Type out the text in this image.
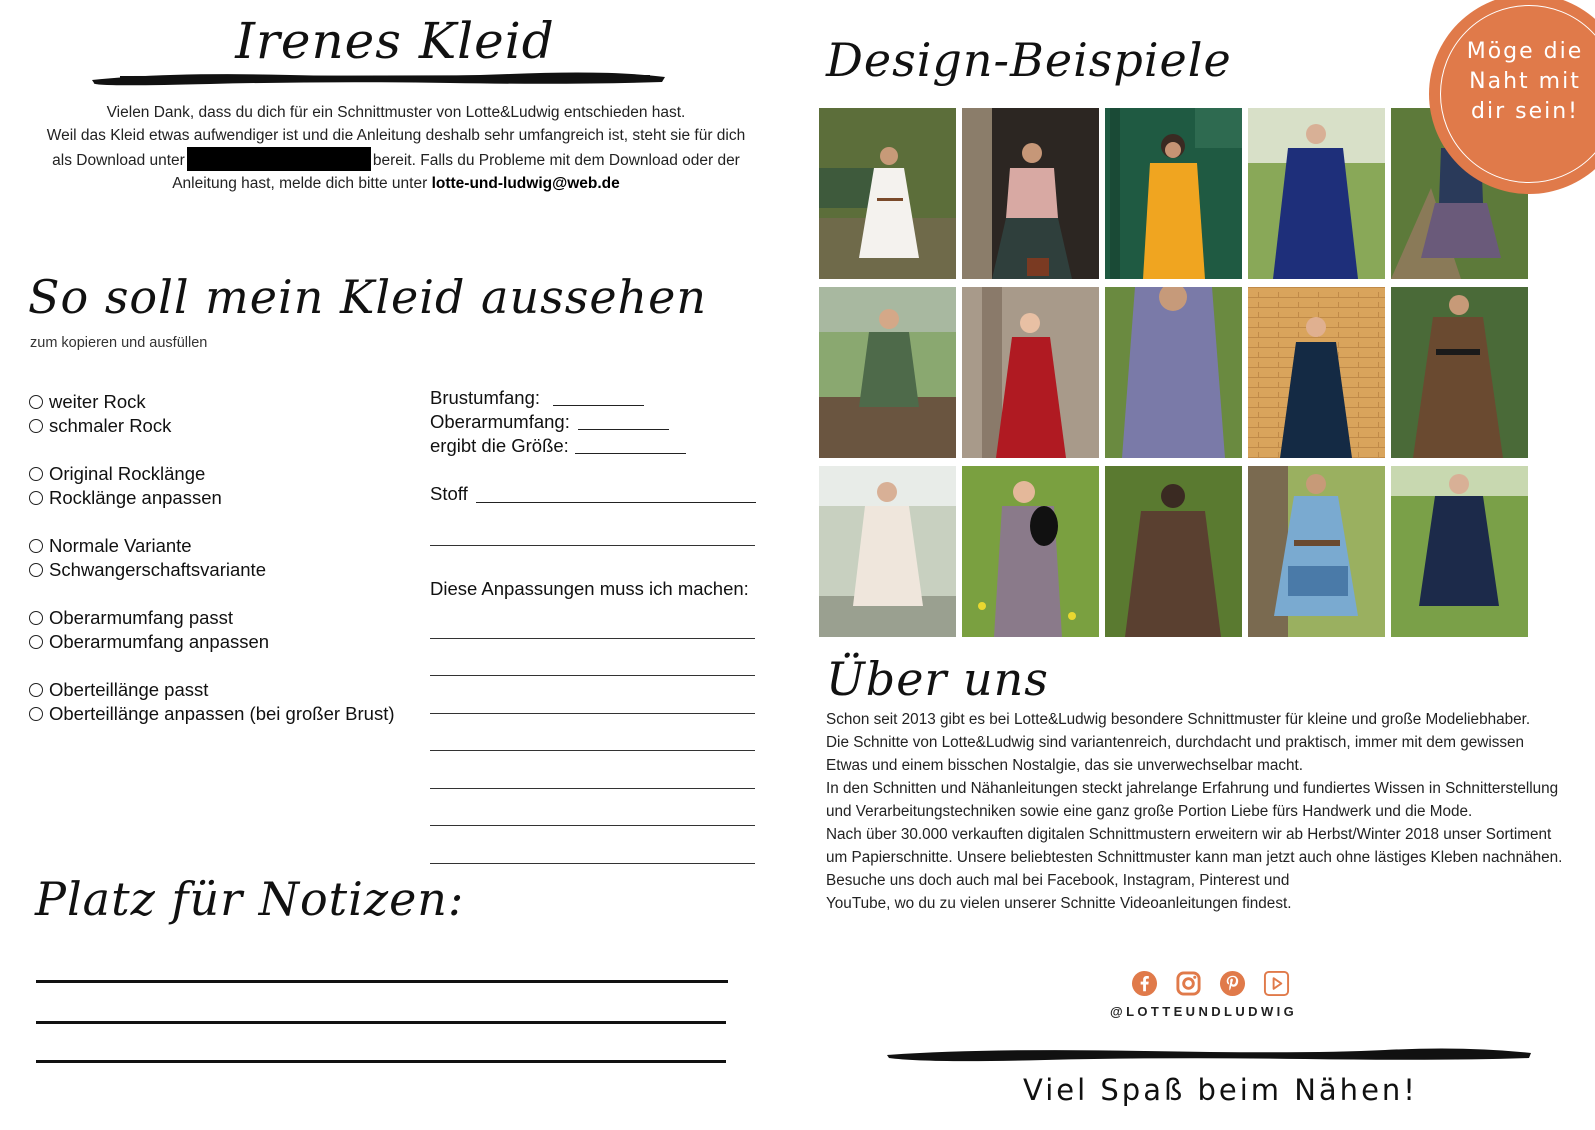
Irenes Kleid
Vielen Dank, dass du dich für ein Schnittmuster von Lotte&Ludwig entschieden hast.
Weil das Kleid etwas aufwendiger ist und die Anleitung deshalb sehr umfangreich ist, steht sie für dich
als Download unter	bereit. Falls du Probleme mit dem Download oder der
Anleitung hast, melde dich bitte unter lotte-und-ludwig@web.de
So soll mein Kleid aussehen
zum kopieren und ausfüllen
weiter Rock
schmaler Rock
Original Rocklänge
Rocklänge anpassen
Normale Variante
Schwangerschaftsvariante
Oberarmumfang passt
Oberarmumfang anpassen
Oberteillänge passt
Oberteillänge anpassen (bei großer Brust)
Brustumfang:
Oberarmumfang:
ergibt die Größe:
Stoff
Diese Anpassungen muss ich machen:
Platz für Notizen:
Design-Beispiele	Möge die
Naht mit
dir sein!
Über uns

Schon seit 2013 gibt es bei Lotte&Ludwig besondere Schnittmuster für kleine und große Modeliebhaber.

Die Schnitte von Lotte&Ludwig sind variantenreich, durchdacht und praktisch, immer mit dem gewissen Etwas und einem bisschen Nostalgie, das sie unverwechselbar macht.

In den Schnitten und Nähanleitungen steckt jahrelange Erfahrung und fundiertes Wissen in Schnitterstellung und Verarbeitungstechniken sowie eine ganz große Portion Liebe fürs Handwerk und die Mode.

Nach über 30.000 verkauften digitalen Schnittmustern erweitern wir ab Herbst/Winter 2018 unser Sortiment um Papierschnitte. Unsere beliebtesten Schnittmuster kann man jetzt auch ohne lästiges Kleben nachnähen.

Besuche uns doch auch mal bei Facebook, Instagram, Pinterest und YouTube, wo du zu vielen unserer Schnitte Videoanleitungen findest.

@LOTTEUNDLUDWIG
Viel Spaß beim Nähen!
